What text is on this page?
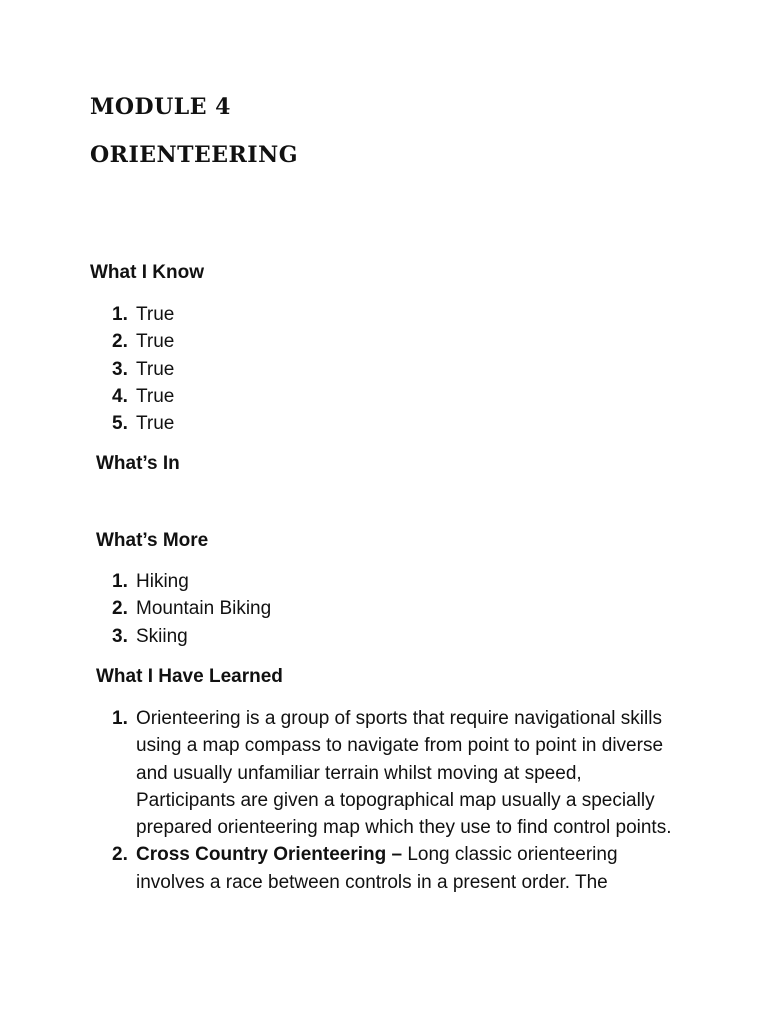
MODULE 4
ORIENTEERING
What I Know
1. True
2. True
3. True
4. True
5. True
What’s In
What’s More
1. Hiking
2. Mountain Biking
3. Skiing
What I Have Learned
1. Orienteering is a group of sports that require navigational skills using a map compass to navigate from point to point in diverse and usually unfamiliar terrain whilst moving at speed, Participants are given a topographical map usually a specially prepared orienteering map which they use to find control points.
2. Cross Country Orienteering – Long classic orienteering involves a race between controls in a present order. The
